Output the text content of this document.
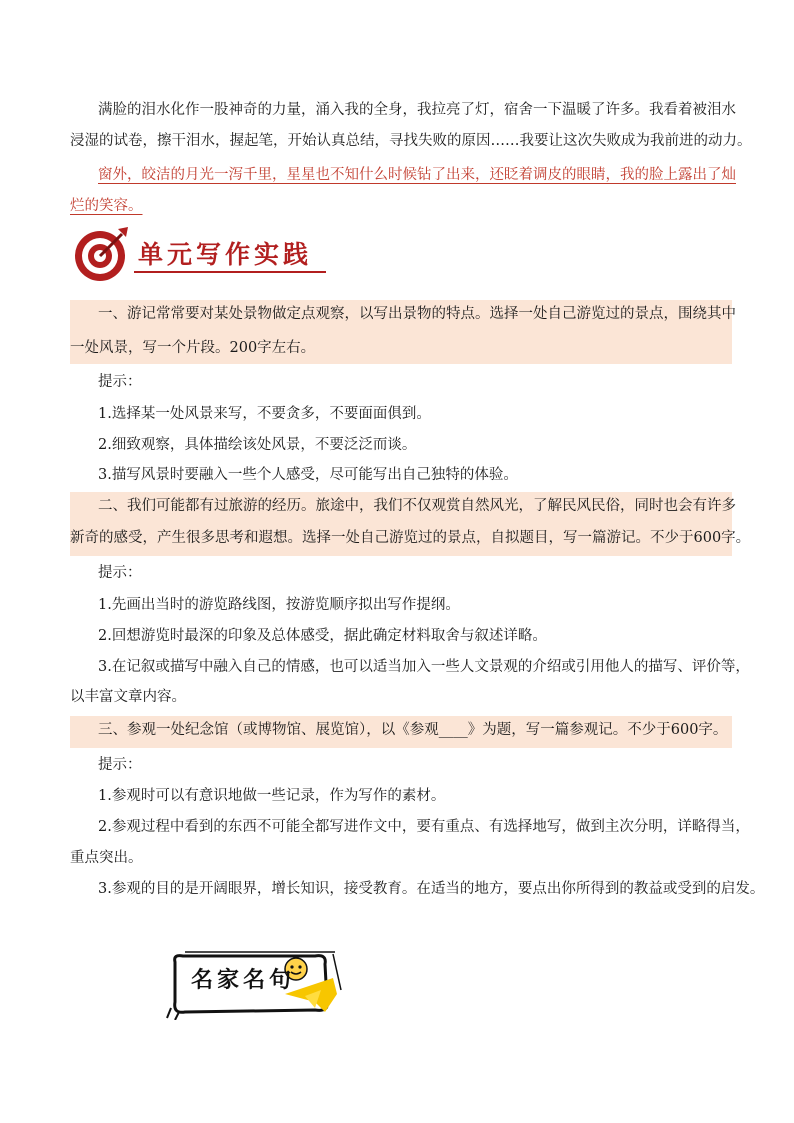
满脸的泪水化作一股神奇的力量，涌入我的全身，我拉亮了灯，宿舍一下温暖了许多。我看着被泪水
浸湿的试卷，擦干泪水，握起笔，开始认真总结，寻找失败的原因……我要让这次失败成为我前进的动力。
窗外，皎洁的月光一泻千里，星星也不知什么时候钻了出来，还眨着调皮的眼睛，我的脸上露出了灿
烂的笑容。
单元写作实践
一、游记常常要对某处景物做定点观察，以写出景物的特点。选择一处自己游览过的景点，围绕其中
一处风景，写一个片段。200字左右。
提示：
1.选择某一处风景来写，不要贪多，不要面面俱到。
2.细致观察，具体描绘该处风景，不要泛泛而谈。
3.描写风景时要融入一些个人感受，尽可能写出自己独特的体验。
二、我们可能都有过旅游的经历。旅途中，我们不仅观赏自然风光，了解民风民俗，同时也会有许多
新奇的感受，产生很多思考和遐想。选择一处自己游览过的景点，自拟题目，写一篇游记。不少于600字。
提示：
1.先画出当时的游览路线图，按游览顺序拟出写作提纲。
2.回想游览时最深的印象及总体感受，据此确定材料取舍与叙述详略。
3.在记叙或描写中融入自己的情感，也可以适当加入一些人文景观的介绍或引用他人的描写、评价等，
以丰富文章内容。
三、参观一处纪念馆（或博物馆、展览馆），以《参观____》为题，写一篇参观记。不少于600字。
提示：
1.参观时可以有意识地做一些记录，作为写作的素材。
2.参观过程中看到的东西不可能全都写进作文中，要有重点、有选择地写，做到主次分明，详略得当，
重点突出。
3.参观的目的是开阔眼界，增长知识，接受教育。在适当的地方，要点出你所得到的教益或受到的启发。
名家名句
